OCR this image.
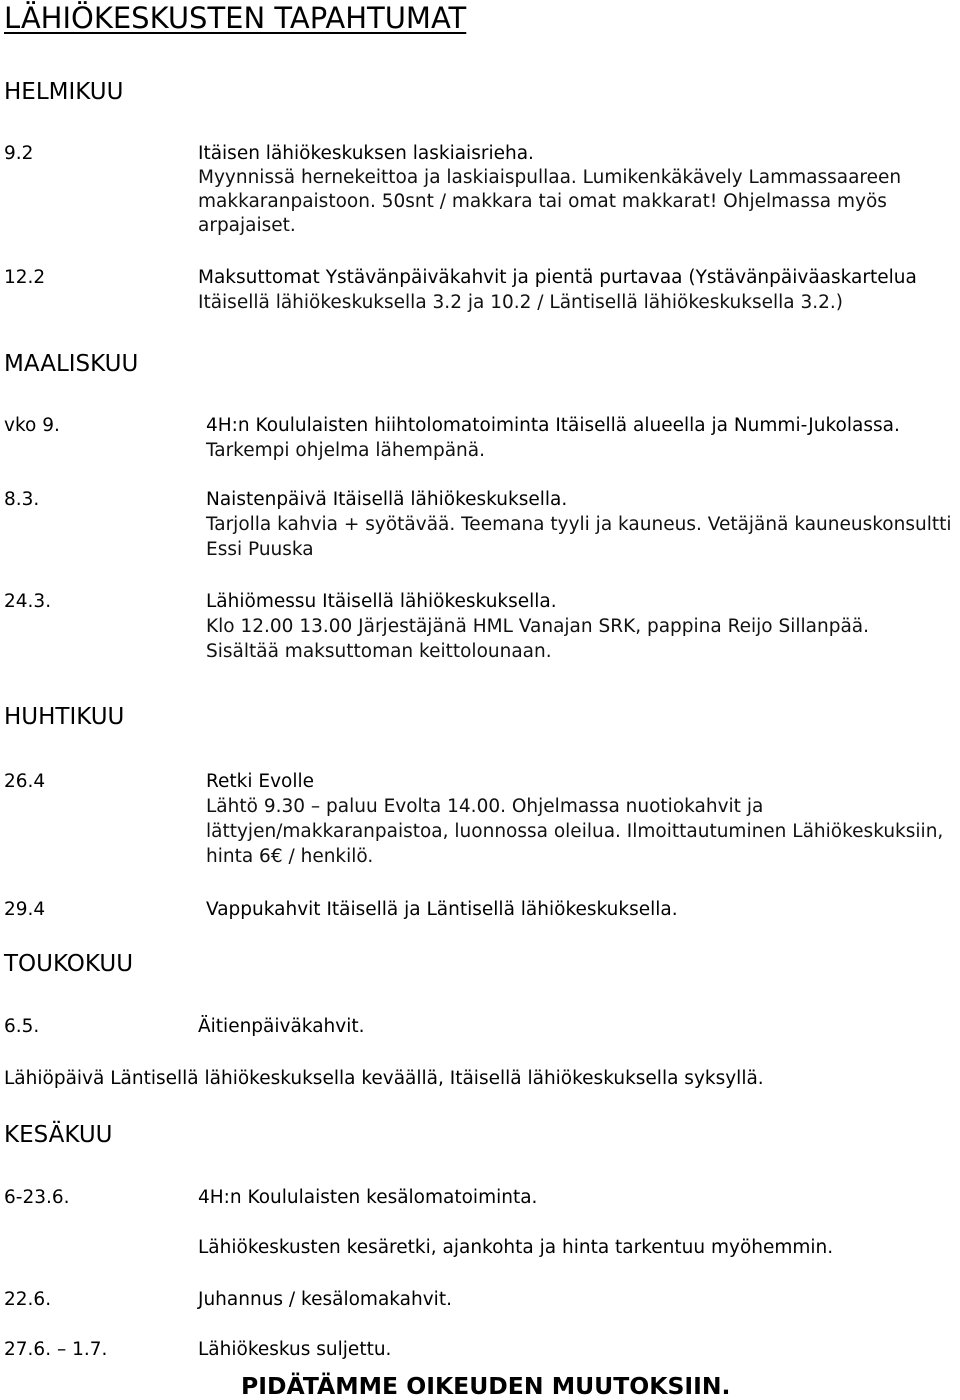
LÄHIÖKESKUSTEN TAPAHTUMAT
HELMIKUU
9.2	Itäisen lähiökeskuksen laskiaisrieha.
Myynnissä hernekeittoa ja laskiaispullaa. Lumikenkäkävely Lammassaareen
makkaranpaistoon. 50snt / makkara tai omat makkarat! Ohjelmassa myös
arpajaiset.
12.2	Maksuttomat Ystävänpäiväkahvit ja pientä purtavaa (Ystävänpäiväaskartelua
Itäisellä lähiökeskuksella 3.2 ja 10.2 / Läntisellä lähiökeskuksella 3.2.)
MAALISKUU
vko 9.	4H:n Koululaisten hiihtolomatoiminta Itäisellä alueella ja Nummi-Jukolassa.
Tarkempi ohjelma lähempänä.
8.3.	Naistenpäivä Itäisellä lähiökeskuksella.
Tarjolla kahvia + syötävää. Teemana tyyli ja kauneus. Vetäjänä kauneuskonsultti
Essi Puuska
24.3.	Lähiömessu Itäisellä lähiökeskuksella.
Klo 12.00 13.00 Järjestäjänä HML Vanajan SRK, pappina Reijo Sillanpää.
Sisältää maksuttoman keittolounaan.
HUHTIKUU
26.4	Retki Evolle
Lähtö 9.30 – paluu Evolta 14.00. Ohjelmassa nuotiokahvit ja
lättyjen/makkaranpaistoa, luonnossa oleilua. Ilmoittautuminen Lähiökeskuksiin,
hinta 6€ / henkilö.
29.4	Vappukahvit Itäisellä ja Läntisellä lähiökeskuksella.
TOUKOKUU
6.5.	Äitienpäiväkahvit.
Lähiöpäivä Läntisellä lähiökeskuksella keväällä, Itäisellä lähiökeskuksella syksyllä.
KESÄKUU
6-23.6.	4H:n Koululaisten kesälomatoiminta.
Lähiökeskusten kesäretki, ajankohta ja hinta tarkentuu myöhemmin.
22.6.	Juhannus / kesälomakahvit.
27.6. – 1.7.	Lähiökeskus suljettu.
PIDÄTÄMME OIKEUDEN MUUTOKSIIN.
